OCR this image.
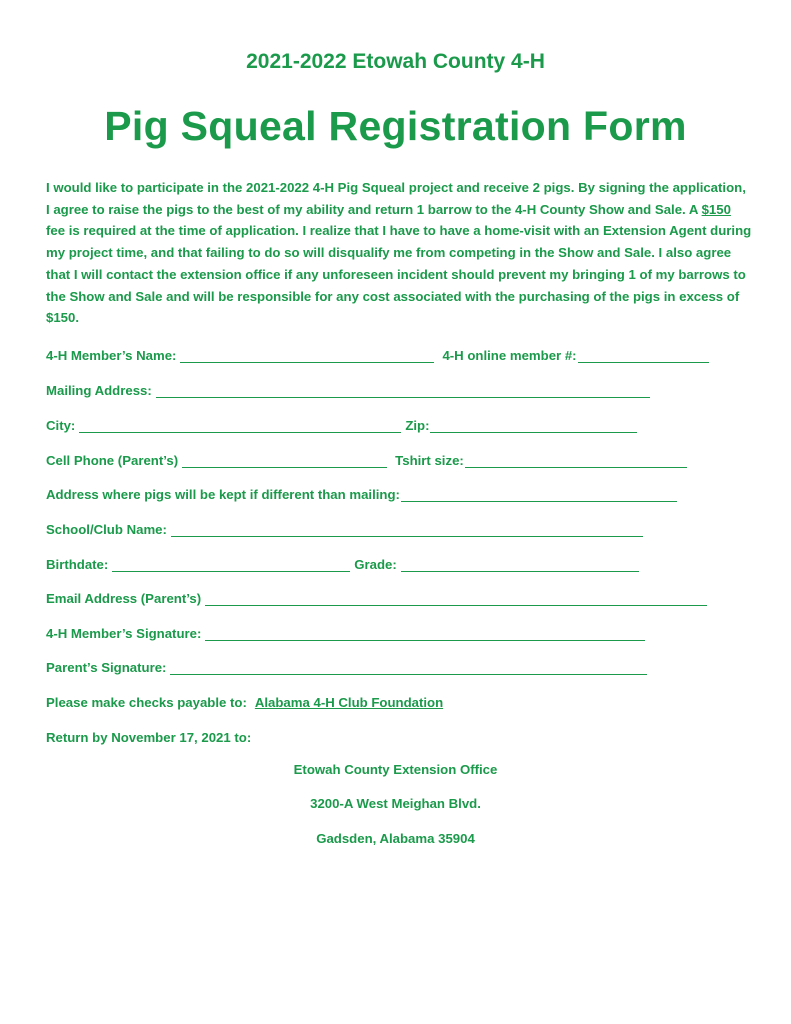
2021-2022 Etowah County 4-H
Pig Squeal Registration Form
I would like to participate in the 2021-2022 4-H Pig Squeal project and receive 2 pigs. By signing the application, I agree to raise the pigs to the best of my ability and return 1 barrow to the 4-H County Show and Sale. A $150 fee is required at the time of application. I realize that I have to have a home-visit with an Extension Agent during my project time, and that failing to do so will disqualify me from competing in the Show and Sale. I also agree that I will contact the extension office if any unforeseen incident should prevent my bringing 1 of my barrows to the Show and Sale and will be responsible for any cost associated with the purchasing of the pigs in excess of $150.
4-H Member’s Name:	4-H online member #:
Mailing Address:
City:	Zip:
Cell Phone (Parent’s)	Tshirt size:
Address where pigs will be kept if different than mailing:
School/Club Name:
Birthdate:	Grade:
Email Address (Parent’s)
4-H Member’s Signature:
Parent’s Signature:
Please make checks payable to: Alabama 4-H Club Foundation
Return by November 17, 2021 to:
Etowah County Extension Office
3200-A West Meighan Blvd.
Gadsden, Alabama 35904
